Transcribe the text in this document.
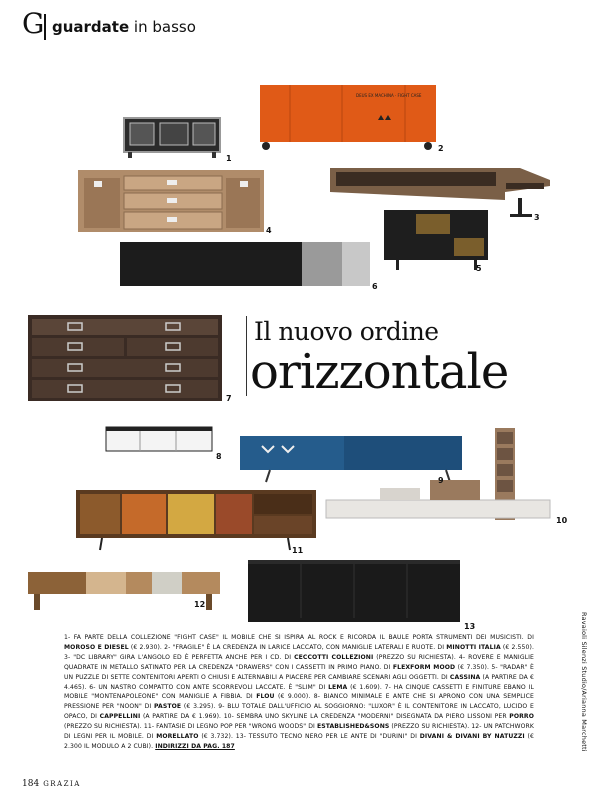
G guardate in basso
DEUS EX MACHINA · FIGHT CASE
1
2
3
4
5
6
7
8
9
10
11
12
13
Il nuovo ordine
orizzontale
1- FA PARTE DELLA COLLEZIONE "FIGHT CASE" IL MOBILE CHE SI ISPIRA AL ROCK E RICORDA IL BAULE PORTA STRUMENTI DEI MUSICISTI. DI MOROSO E DIESEL (€ 2.930). 2- "FRAGILE" È LA CREDENZA IN LARICE LACCATO, CON MANIGLIE LATERALI E RUOTE. DI MINOTTI ITALIA (€ 2.550). 3- "DC LIBRARY" GIRA L'ANGOLO ED È PERFETTA ANCHE PER I CD. DI CECCOTTI COLLEZIONI (PREZZO SU RICHIESTA). 4- ROVERE E MANIGLIE QUADRATE IN METALLO SATINATO PER LA CREDENZA "DRAWERS" CON I CASSETTI IN PRIMO PIANO. DI FLEXFORM MOOD (€ 7.350). 5- "RADAR" È UN PUZZLE DI SETTE CONTENITORI APERTI O CHIUSI E ALTERNABILI A PIACERE PER CAMBIARE SCENARI AGLI OGGETTI. DI CASSINA (A PARTIRE DA € 4.465). 6- UN NASTRO COMPATTO CON ANTE SCORREVOLI LACCATE. È "SLIM" DI LEMA (€ 1.609). 7- HA CINQUE CASSETTI E FINITURE EBANO IL MOBILE "MONTENAPOLEONE" CON MANIGLIE A FIBBIA. DI FLOU (€ 9.000). 8- BIANCO MINIMALE E ANTE CHE SI APRONO CON UNA SEMPLICE PRESSIONE PER "NOON" DI PASTOE (€ 3.295). 9- BLU TOTALE DALL'UFFICIO AL SOGGIORNO: "LUXOR" È IL CONTENITORE IN LACCATO, LUCIDO E OPACO, DI CAPPELLINI (A PARTIRE DA € 1.969). 10- SEMBRA UNO SKYLINE LA CREDENZA "MODERNI" DISEGNATA DA PIERO LISSONI PER PORRO (PREZZO SU RICHIESTA). 11- FANTASIE DI LEGNO POP PER "WRONG WOODS" DI ESTABLISHED&SONS (PREZZO SU RICHIESTA). 12- UN PATCHWORK DI LEGNI PER IL MOBILE. DI MORELLATO (€ 3.732). 13- TESSUTO TECNO NERO PER LE ANTE DI "DURINI" DI DIVANI & DIVANI BY NATUZZI (€ 2.300 IL MODULO A 2 CUBI). INDIRIZZI DA PAG. 187	Ravaioli Silenzi Studio/Arianna Marchetti
184 GRAZIA
